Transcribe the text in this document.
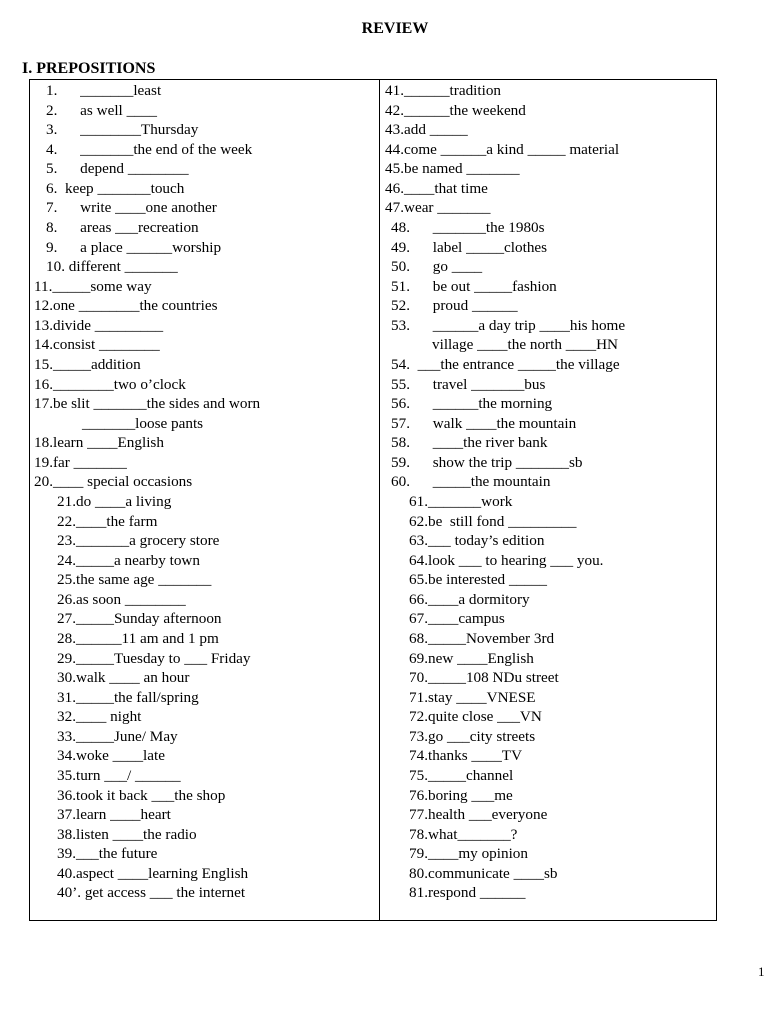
REVIEW
I. PREPOSITIONS
1.      _______least
2.      as well ____
3.      ________Thursday
4.      _______the end of the week
5.      depend ________
6.  keep _______touch
7.      write ____one another
8.      areas ___recreation
9.      a place ______worship
10. different _______
11._____some way
12.one ________the countries
13.divide _________
14.consist ________
15._____addition
16.________two o’clock
17.be slit _______the sides and worn
_______loose pants
18.learn ____English
19.far _______
20.____ special occasions
21.do ____a living
22.____the farm
23._______a grocery store
24._____a nearby town
25.the same age _______
26.as soon ________
27._____Sunday afternoon
28.______11 am and 1 pm
29._____Tuesday to ___ Friday
30.walk ____ an hour
31._____the fall/spring
32.____ night
33._____June/ May
34.woke ____late
35.turn ___/ ______
36.took it back ___the shop
37.learn ____heart
38.listen ____the radio
39.___the future
40.aspect ____learning English
40’. get access ___ the internet
41.______tradition
42.______the weekend
43.add _____
44.come ______a kind _____ material
45.be named _______
46.____that time
47.wear _______
48.      _______the 1980s
49.      label _____clothes
50.      go ____
51.      be out _____fashion
52.      proud ______
53.      ______a day trip ____his home
village ____the north ____HN
54.  ___the entrance _____the village
55.      travel _______bus
56.      ______the morning
57.      walk ____the mountain
58.      ____the river bank
59.      show the trip _______sb
60.      _____the mountain
61._______work
62.be  still fond _________
63.___ today’s edition
64.look ___ to hearing ___ you.
65.be interested _____
66.____a dormitory
67.____campus
68._____November 3rd
69.new ____English
70._____108 NDu street
71.stay ____VNESE
72.quite close ___VN
73.go ___city streets
74.thanks ____TV
75._____channel
76.boring ___me
77.health ___everyone
78.what_______?
79.____my opinion
80.communicate ____sb
81.respond ______
1
